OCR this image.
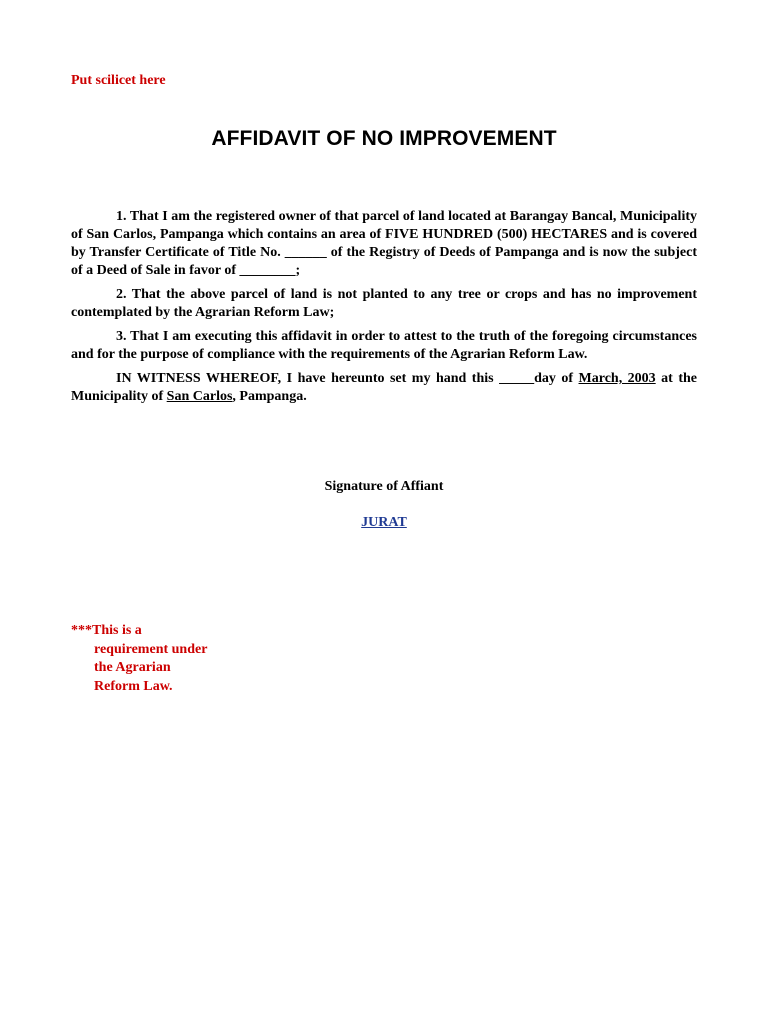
Put scilicet here

AFFIDAVIT OF NO IMPROVEMENT

1. That I am the registered owner of that parcel of land located at Barangay Bancal, Municipality of San Carlos, Pampanga which contains an area of FIVE HUNDRED (500) HECTARES and is covered by Transfer Certificate of Title No. ______ of the Registry of Deeds of Pampanga and is now the subject of a Deed of Sale in favor of ________;

2. That the above parcel of land is not planted to any tree or crops and has no improvement contemplated by the Agrarian Reform Law;

3. That I am executing this affidavit in order to attest to the truth of the foregoing circumstances and for the purpose of compliance with the requirements of the Agrarian Reform Law.

IN WITNESS WHEREOF, I have hereunto set my hand this _____day of March, 2003 at the Municipality of San Carlos, Pampanga.

Signature of Affiant

JURAT

***This is a
requirement under
the Agrarian
Reform Law.
